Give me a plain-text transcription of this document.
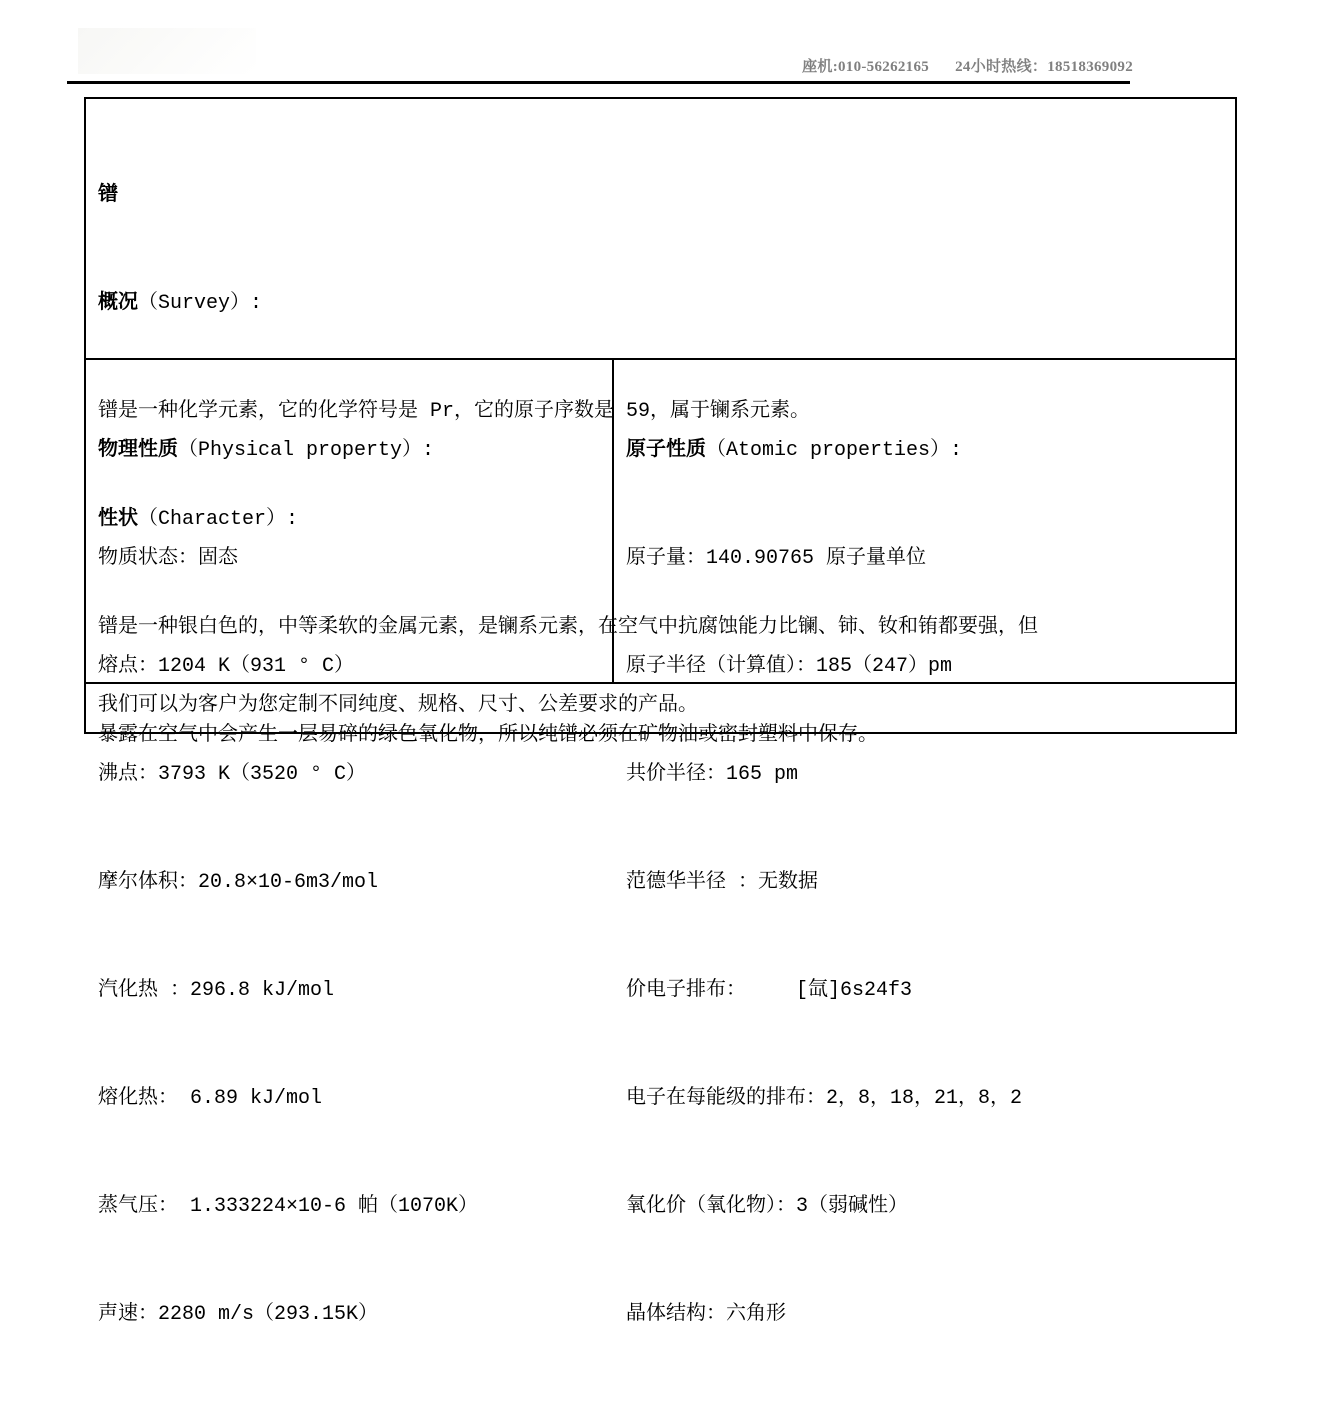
座机:010-56262165 24小时热线：18518369092

镨

概况（Survey）:

镨是一种化学元素，它的化学符号是 Pr，它的原子序数是 59，属于镧系元素。

性状（Character）:

镨是一种银白色的，中等柔软的金属元素，是镧系元素，在空气中抗腐蚀能力比镧、铈、钕和铕都要强，但

暴露在空气中会产生一层易碎的绿色氧化物，所以纯镨必须在矿物油或密封塑料中保存。

物理性质（Physical property）:

物质状态：固态

熔点：1204 K（931 ° C）

沸点：3793 K（3520 ° C）

摩尔体积：20.8×10-6m3/mol

汽化热 ：296.8 kJ/mol

熔化热： 6.89 kJ/mol

蒸气压： 1.333224×10-6 帕（1070K）

声速：2280 m/s（293.15K）

原子性质（Atomic properties）:

原子量：140.90765 原子量单位

原子半径（计算值）：185（247）pm

共价半径：165 pm

范德华半径 ：无数据

价电子排布：　　　[氙]6s24f3

电子在每能级的排布：2，8，18，21，8，2

氧化价（氧化物）：3（弱碱性）

晶体结构：六角形

我们可以为客户为您定制不同纯度、规格、尺寸、公差要求的产品。
